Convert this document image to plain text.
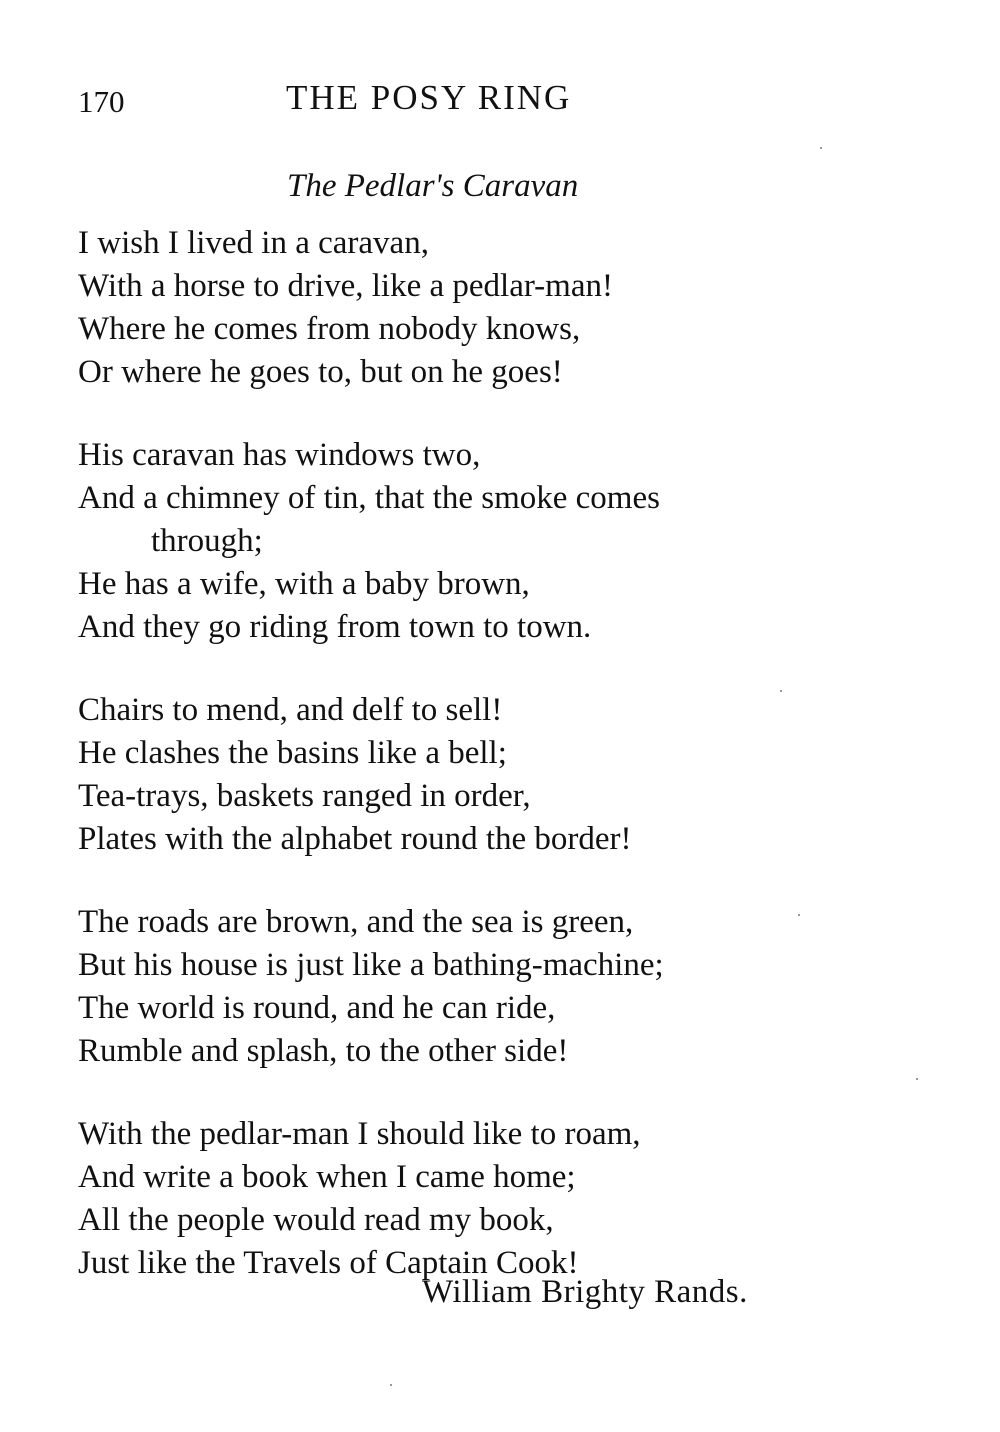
170	THE POSY RING
The Pedlar's Caravan
I wish I lived in a caravan,
With a horse to drive, like a pedlar-man!
Where he comes from nobody knows,
Or where he goes to, but on he goes!
His caravan has windows two,
And a chimney of tin, that the smoke comes
through;
He has a wife, with a baby brown,
And they go riding from town to town.
Chairs to mend, and delf to sell!
He clashes the basins like a bell;
Tea-trays, baskets ranged in order,
Plates with the alphabet round the border!
The roads are brown, and the sea is green,
But his house is just like a bathing-machine;
The world is round, and he can ride,
Rumble and splash, to the other side!
With the pedlar-man I should like to roam,
And write a book when I came home;
All the people would read my book,
Just like the Travels of Captain Cook!
William Brighty Rands.
